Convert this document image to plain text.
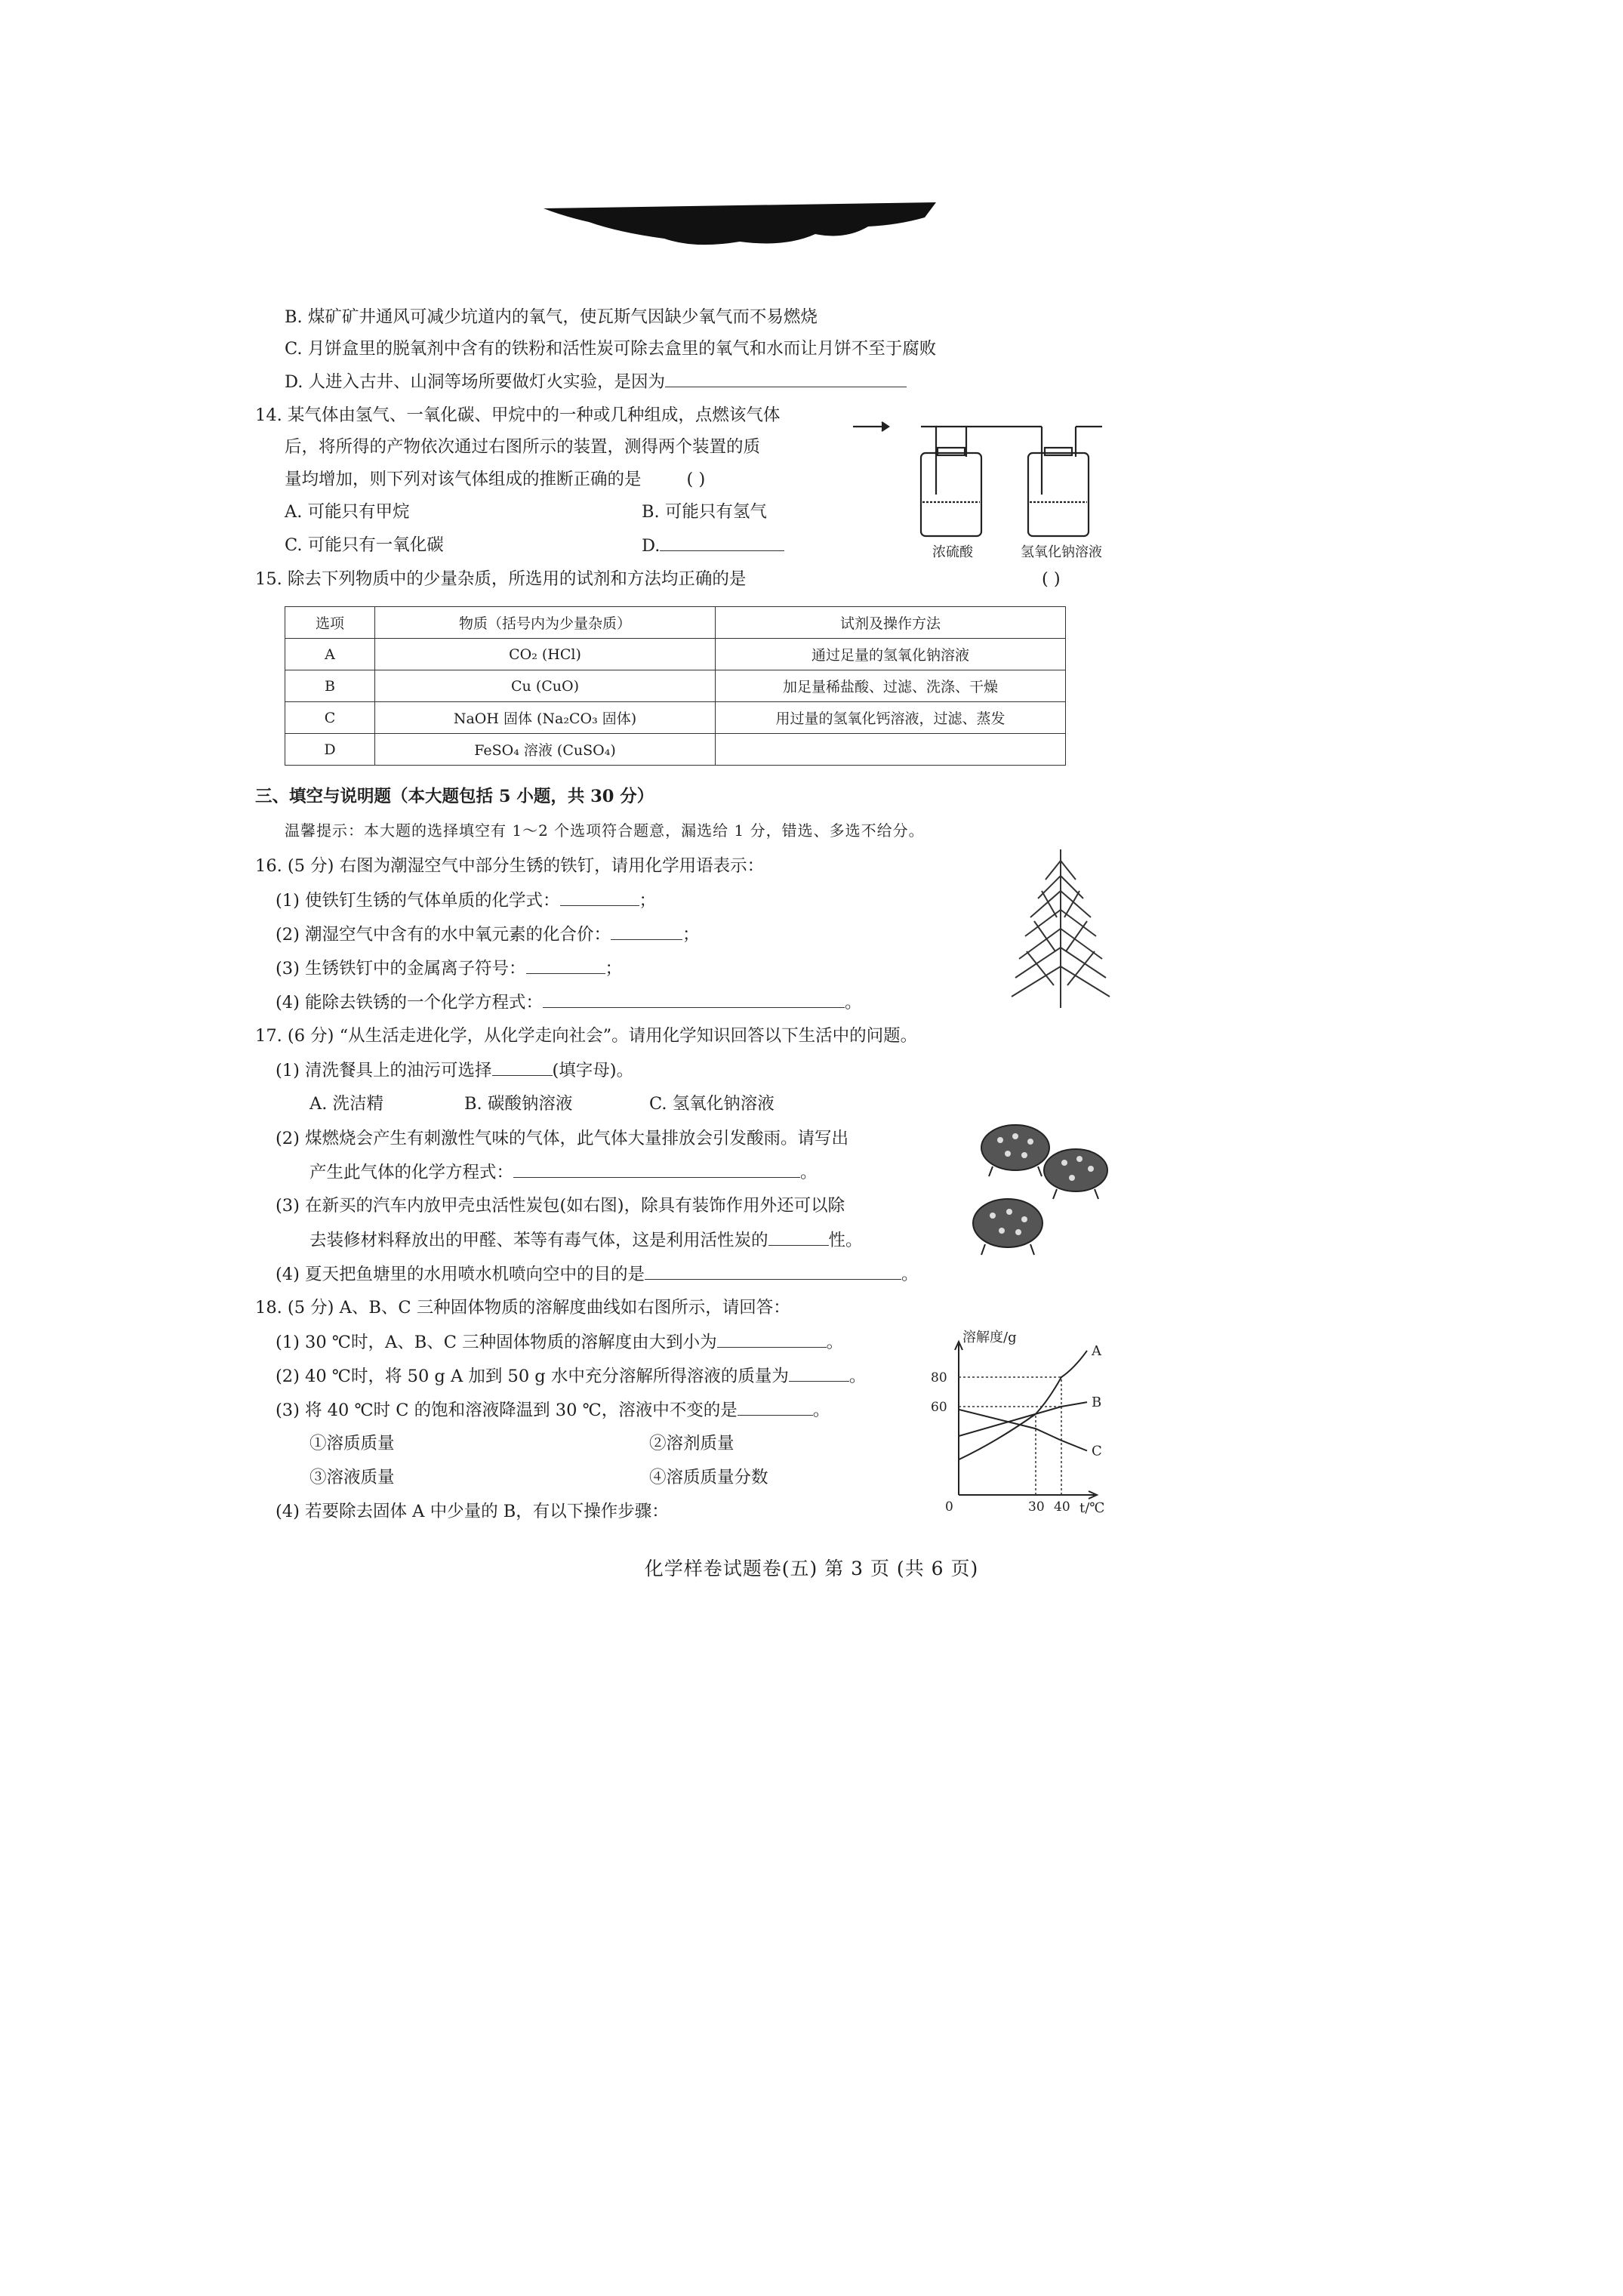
B. 煤矿矿井通风可减少坑道内的氧气，使瓦斯气因缺少氧气而不易燃烧
C. 月饼盒里的脱氧剂中含有的铁粉和活性炭可除去盒里的氧气和水而让月饼不至于腐败
D. 人进入古井、山洞等场所要做灯火实验，是因为
14. 某气体由氢气、一氧化碳、甲烷中的一种或几种组成，点燃该气体
后，将所得的产物依次通过右图所示的装置，测得两个装置的质
量均增加，则下列对该气体组成的推断正确的是	( )
A. 可能只有甲烷	B. 可能只有氢气
C. 可能只有一氧化碳	D.	浓硫酸	氢氧化钠溶液
15. 除去下列物质中的少量杂质，所选用的试剂和方法均正确的是	( )
选项	物质（括号内为少量杂质）	试剂及操作方法
A	CO₂ (HCl)	通过足量的氢氧化钠溶液
B	Cu (CuO)	加足量稀盐酸、过滤、洗涤、干燥
C	NaOH 固体 (Na₂CO₃ 固体)	用过量的氢氧化钙溶液，过滤、蒸发
D	FeSO₄ 溶液 (CuSO₄)	
三、填空与说明题（本大题包括 5 小题，共 30 分）
温馨提示：本大题的选择填空有 1～2 个选项符合题意，漏选给 1 分，错选、多选不给分。
16. (5 分) 右图为潮湿空气中部分生锈的铁钉，请用化学用语表示：
(1) 使铁钉生锈的气体单质的化学式：	；
(2) 潮湿空气中含有的水中氧元素的化合价：	；
(3) 生锈铁钉中的金属离子符号：	；
(4) 能除去铁锈的一个化学方程式：	。
17. (6 分) “从生活走进化学，从化学走向社会”。请用化学知识回答以下生活中的问题。
(1) 清洗餐具上的油污可选择	(填字母)。
A. 洗洁精	B. 碳酸钠溶液	C. 氢氧化钠溶液
(2) 煤燃烧会产生有刺激性气味的气体，此气体大量排放会引发酸雨。请写出
产生此气体的化学方程式：	。
(3) 在新买的汽车内放甲壳虫活性炭包(如右图)，除具有装饰作用外还可以除
去装修材料释放出的甲醛、苯等有毒气体，这是利用活性炭的	性。
(4) 夏天把鱼塘里的水用喷水机喷向空中的目的是	。
18. (5 分) A、B、C 三种固体物质的溶解度曲线如右图所示，请回答：
(1) 30 ℃时，A、B、C 三种固体物质的溶解度由大到小为	。
(2) 40 ℃时，将 50 g A 加到 50 g 水中充分溶解所得溶液的质量为	。
(3) 将 40 ℃时 C 的饱和溶液降温到 30 ℃，溶液中不变的是	。
①溶质质量	②溶剂质量
③溶液质量	④溶质质量分数
(4) 若要除去固体 A 中少量的 B，有以下操作步骤：
溶解度/g
t/℃
0	30 40
60
80
A
B
C
化学样卷试题卷(五) 第 3 页 (共 6 页)
